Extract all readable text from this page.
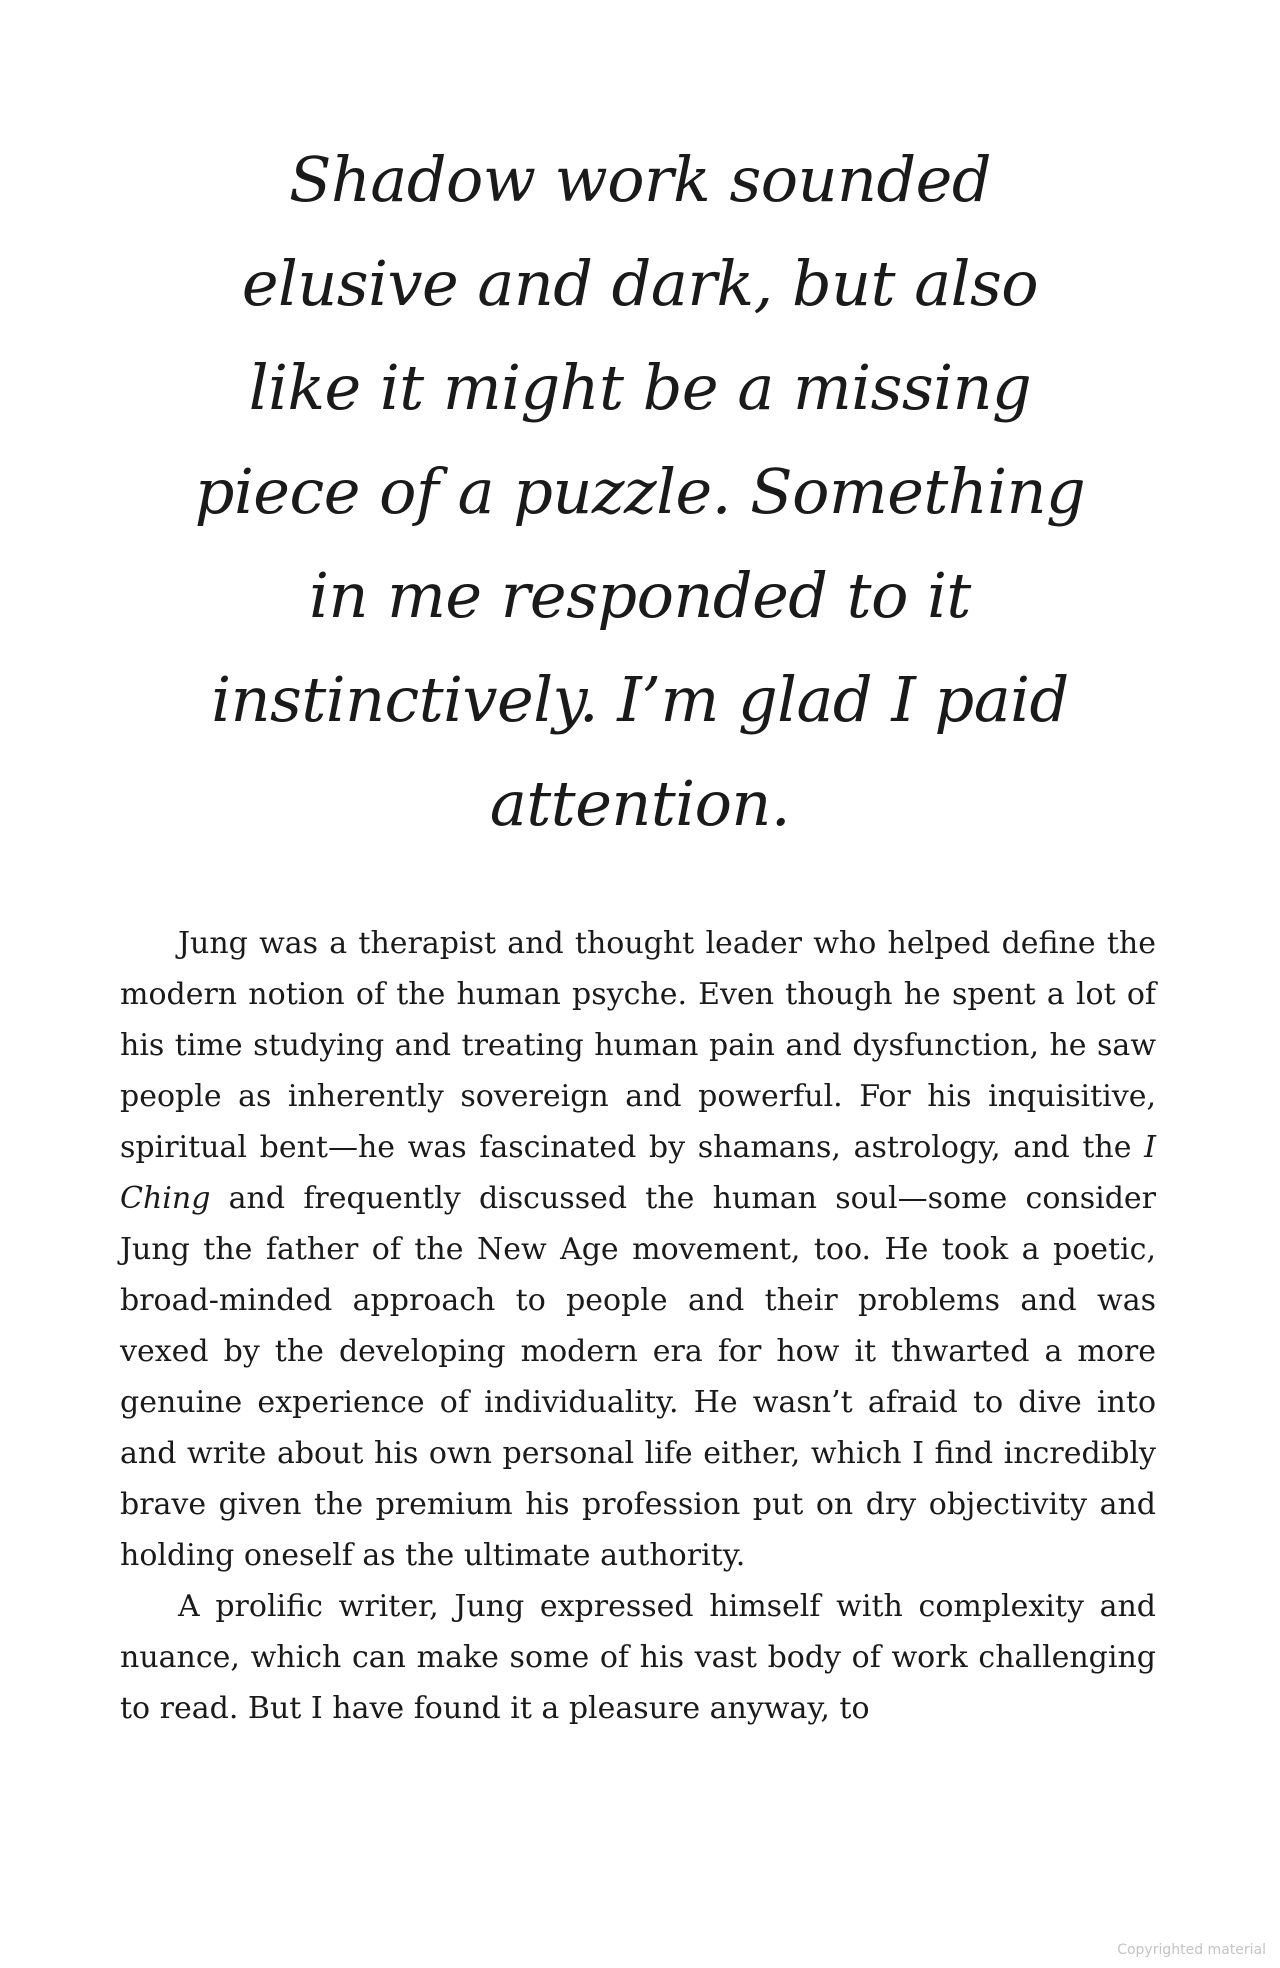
Shadow work sounded
elusive and dark, but also
like it might be a missing
piece of a puzzle. Something
in me responded to it
instinctively. I’m glad I paid
attention.

Jung was a therapist and thought leader who helped define the modern notion of the human psyche. Even though he spent a lot of his time studying and treating human pain and dysfunction, he saw people as inherently sovereign and powerful. For his inquisitive, spiritual bent—he was fascinated by shamans, astrology, and the I Ching and frequently discussed the human soul—some consider Jung the father of the New Age movement, too. He took a poetic, broad-minded approach to people and their problems and was vexed by the developing modern era for how it thwarted a more genuine experience of individuality. He wasn’t afraid to dive into and write about his own personal life either, which I find incredibly brave given the premium his profession put on dry objectivity and holding oneself as the ultimate authority.

A prolific writer, Jung expressed himself with complexity and nuance, which can make some of his vast body of work challenging to read. But I have found it a pleasure anyway, to

Copyrighted material
